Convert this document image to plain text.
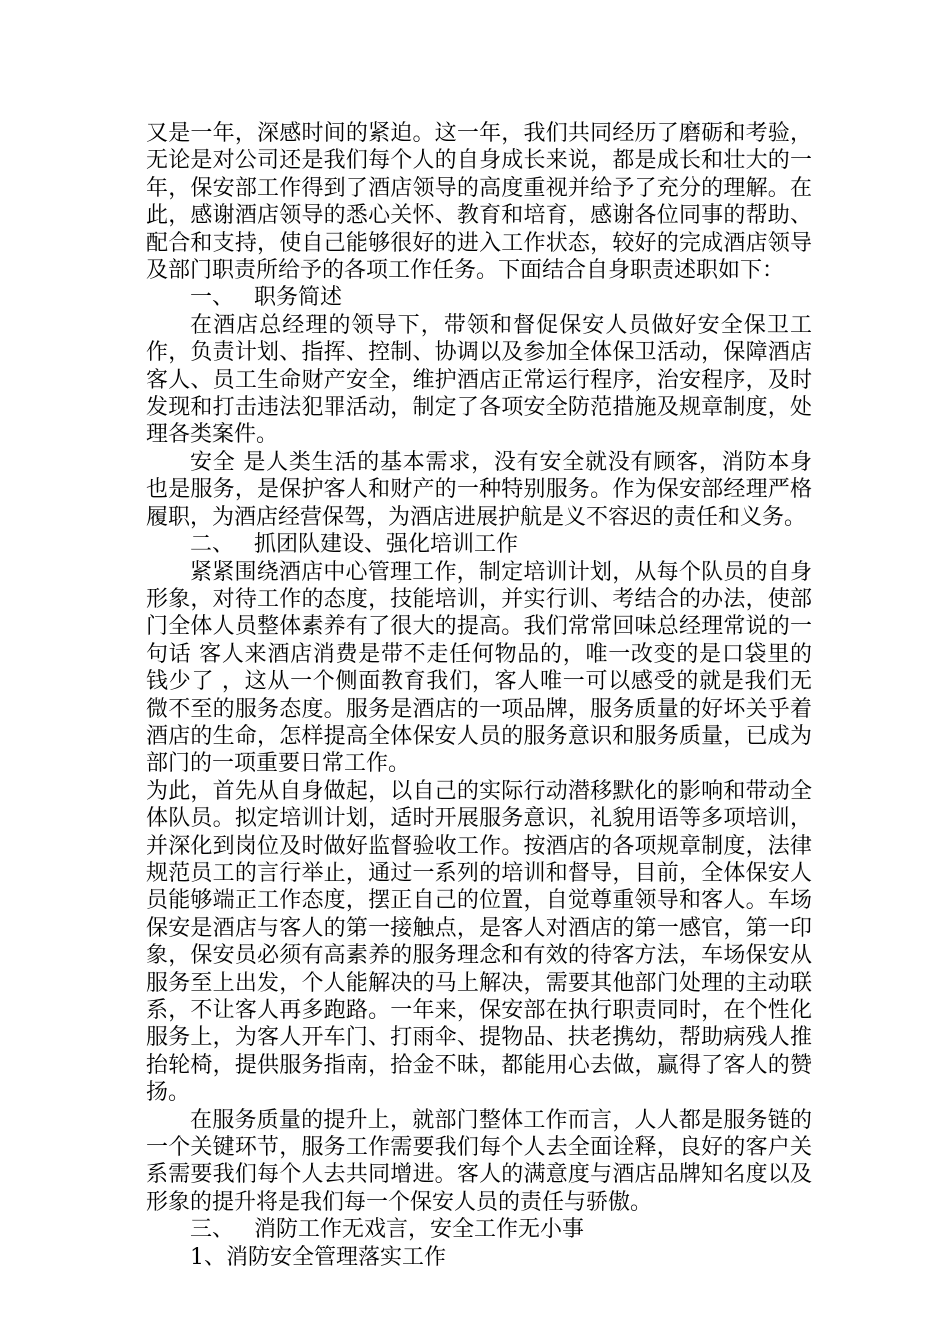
又是一年，深感时间的紧迫。这一年，我们共同经历了磨砺和考验，无论是对公司还是我们每个人的自身成长来说，都是成长和壮大的一年，保安部工作得到了酒店领导的高度重视并给予了充分的理解。在此，感谢酒店领导的悉心关怀、教育和培育，感谢各位同事的帮助、配合和支持，使自己能够很好的进入工作状态，较好的完成酒店领导及部门职责所给予的各项工作任务。下面结合自身职责述职如下：

一、 职务简述

在酒店总经理的领导下，带领和督促保安人员做好安全保卫工作，负责计划、指挥、控制、协调以及参加全体保卫活动，保障酒店客人、员工生命财产安全，维护酒店正常运行程序，治安程序，及时发现和打击违法犯罪活动，制定了各项安全防范措施及规章制度，处理各类案件。

安全 是人类生活的基本需求，没有安全就没有顾客，消防本身也是服务，是保护客人和财产的一种特别服务。作为保安部经理严格履职，为酒店经营保驾，为酒店进展护航是义不容迟的责任和义务。

二、 抓团队建设、强化培训工作

紧紧围绕酒店中心管理工作，制定培训计划，从每个队员的自身形象，对待工作的态度，技能培训，并实行训、考结合的办法，使部门全体人员整体素养有了很大的提高。我们常常回味总经理常说的一句话 客人来酒店消费是带不走任何物品的，唯一改变的是口袋里的钱少了 ，这从一个侧面教育我们，客人唯一可以感受的就是我们无微不至的服务态度。服务是酒店的一项品牌，服务质量的好坏关乎着酒店的生命，怎样提高全体保安人员的服务意识和服务质量，已成为部门的一项重要日常工作。

为此，首先从自身做起，以自己的实际行动潜移默化的影响和带动全体队员。拟定培训计划，适时开展服务意识，礼貌用语等多项培训，并深化到岗位及时做好监督验收工作。按酒店的各项规章制度，法律规范员工的言行举止，通过一系列的培训和督导，目前，全体保安人员能够端正工作态度，摆正自己的位置，自觉尊重领导和客人。车场保安是酒店与客人的第一接触点，是客人对酒店的第一感官，第一印象，保安员必须有高素养的服务理念和有效的待客方法，车场保安从服务至上出发，个人能解决的马上解决，需要其他部门处理的主动联系，不让客人再多跑路。一年来，保安部在执行职责同时，在个性化服务上，为客人开车门、打雨伞、提物品、扶老携幼，帮助病残人推抬轮椅，提供服务指南，拾金不昧，都能用心去做，赢得了客人的赞扬。

在服务质量的提升上，就部门整体工作而言，人人都是服务链的一个关键环节，服务工作需要我们每个人去全面诠释，良好的客户关系需要我们每个人去共同增进。客人的满意度与酒店品牌知名度以及形象的提升将是我们每一个保安人员的责任与骄傲。

三、 消防工作无戏言，安全工作无小事

1、消防安全管理落实工作
